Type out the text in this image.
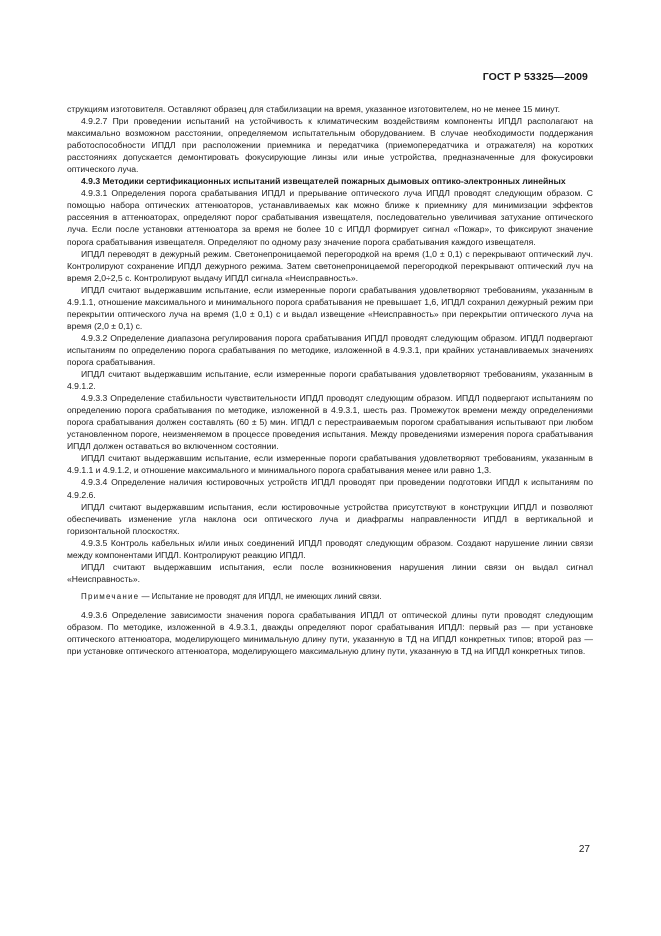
ГОСТ Р 53325—2009

струкциям изготовителя. Оставляют образец для стабилизации на время, указанное изготовителем, но не менее 15 минут.

4.9.2.7 При проведении испытаний на устойчивость к климатическим воздействиям компоненты ИПДЛ располагают на максимально возможном расстоянии, определяемом испытательным оборудованием. В случае необходимости поддержания работоспособности ИПДЛ при расположении приемника и передатчика (приемопередатчика и отражателя) на коротких расстояниях допускается демонтировать фокусирующие линзы или иные устройства, предназначенные для фокусировки оптического луча.

4.9.3 Методики сертификационных испытаний извещателей пожарных дымовых оптико-электронных линейных

4.9.3.1 Определения порога срабатывания ИПДЛ и прерывание оптического луча ИПДЛ проводят следующим образом. С помощью набора оптических аттенюаторов, устанавливаемых как можно ближе к приемнику для минимизации эффектов рассеяния в аттенюаторах, определяют порог срабатывания извещателя, последовательно увеличивая затухание оптического луча. Если после установки аттенюатора за время не более 10 с ИПДЛ формирует сигнал «Пожар», то фиксируют значение порога срабатывания извещателя. Определяют по одному разу значение порога срабатывания каждого извещателя.

ИПДЛ переводят в дежурный режим. Светонепроницаемой перегородкой на время (1,0 ± 0,1) с перекрывают оптический луч. Контролируют сохранение ИПДЛ дежурного режима. Затем светонепроницаемой перегородкой перекрывают оптический луч на время 2,0÷2,5 с. Контролируют выдачу ИПДЛ сигнала «Неисправность».

ИПДЛ считают выдержавшим испытание, если измеренные пороги срабатывания удовлетворяют требованиям, указанным в 4.9.1.1, отношение максимального и минимального порога срабатывания не превышает 1,6, ИПДЛ сохранил дежурный режим при перекрытии оптического луча на время (1,0 ± 0,1) с и выдал извещение «Неисправность» при перекрытии оптического луча на время (2,0 ± 0,1) с.

4.9.3.2 Определение диапазона регулирования порога срабатывания ИПДЛ проводят следующим образом. ИПДЛ подвергают испытаниям по определению порога срабатывания по методике, изложенной в 4.9.3.1, при крайних устанавливаемых значениях порога срабатывания.

ИПДЛ считают выдержавшим испытание, если измеренные пороги срабатывания удовлетворяют требованиям, указанным в 4.9.1.2.

4.9.3.3 Определение стабильности чувствительности ИПДЛ проводят следующим образом. ИПДЛ подвергают испытаниям по определению порога срабатывания по методике, изложенной в 4.9.3.1, шесть раз. Промежуток времени между определениями порога срабатывания должен составлять (60 ± 5) мин. ИПДЛ с перестраиваемым порогом срабатывания испытывают при любом установленном пороге, неизменяемом в процессе проведения испытания. Между проведениями измерения порога срабатывания ИПДЛ должен оставаться во включенном состоянии.

ИПДЛ считают выдержавшим испытание, если измеренные пороги срабатывания удовлетворяют требованиям, указанным в 4.9.1.1 и 4.9.1.2, и отношение максимального и минимального порога срабатывания менее или равно 1,3.

4.9.3.4 Определение наличия юстировочных устройств ИПДЛ проводят при проведении подготовки ИПДЛ к испытаниям по 4.9.2.6.

ИПДЛ считают выдержавшим испытания, если юстировочные устройства присутствуют в конструкции ИПДЛ и позволяют обеспечивать изменение угла наклона оси оптического луча и диафрагмы направленности ИПДЛ в вертикальной и горизонтальной плоскостях.

4.9.3.5 Контроль кабельных и/или иных соединений ИПДЛ проводят следующим образом. Создают нарушение линии связи между компонентами ИПДЛ. Контролируют реакцию ИПДЛ.

ИПДЛ считают выдержавшим испытания, если после возникновения нарушения линии связи он выдал сигнал «Неисправность».

Примечание — Испытание не проводят для ИПДЛ, не имеющих линий связи.

4.9.3.6 Определение зависимости значения порога срабатывания ИПДЛ от оптической длины пути проводят следующим образом. По методике, изложенной в 4.9.3.1, дважды определяют порог срабатывания ИПДЛ: первый раз — при установке оптического аттенюатора, моделирующего минимальную длину пути, указанную в ТД на ИПДЛ конкретных типов; второй раз — при установке оптического аттенюатора, моделирующего максимальную длину пути, указанную в ТД на ИПДЛ конкретных типов.

27
